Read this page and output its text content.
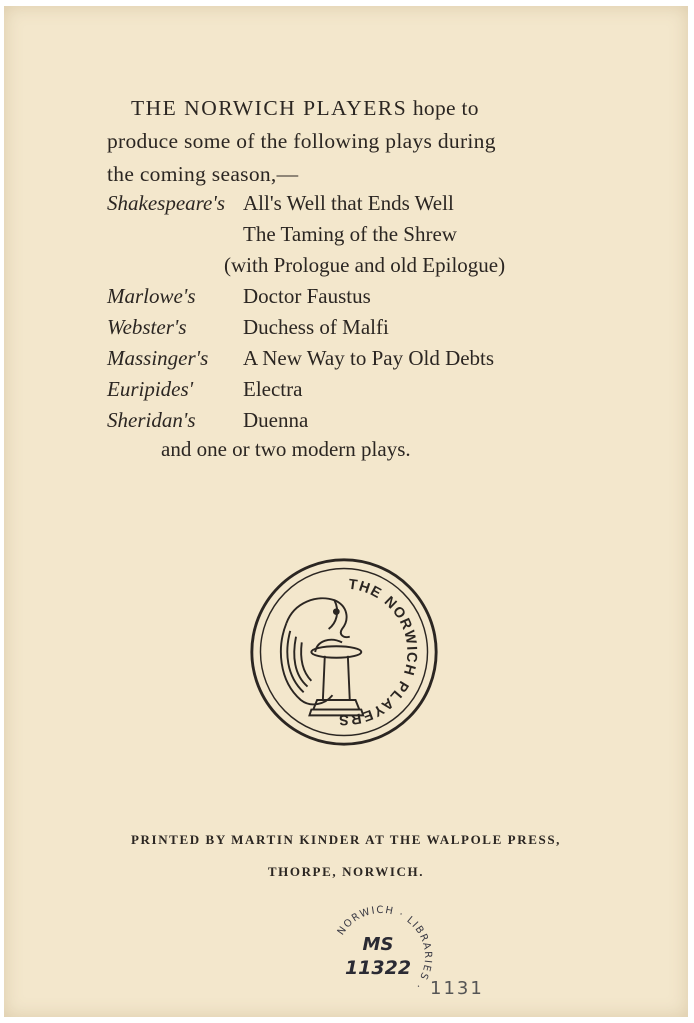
THE NORWICH PLAYERS hope to
produce some of the following plays during
the coming season,—
Shakespeare's All's Well that Ends Well
The Taming of the Shrew
(with Prologue and old Epilogue)
Marlowe's Doctor Faustus
Webster's	Duchess of Malfi
Massinger's A New Way to Pay Old Debts
Euripides' Electra
Sheridan's Duenna
and one or two modern plays.
THE NORWICH PLAYERS
PRINTED BY MARTIN KINDER AT THE WALPOLE PRESS,
THORPE, NORWICH.
NORWICH · LIBRARIES ·
MS
11322
1131
